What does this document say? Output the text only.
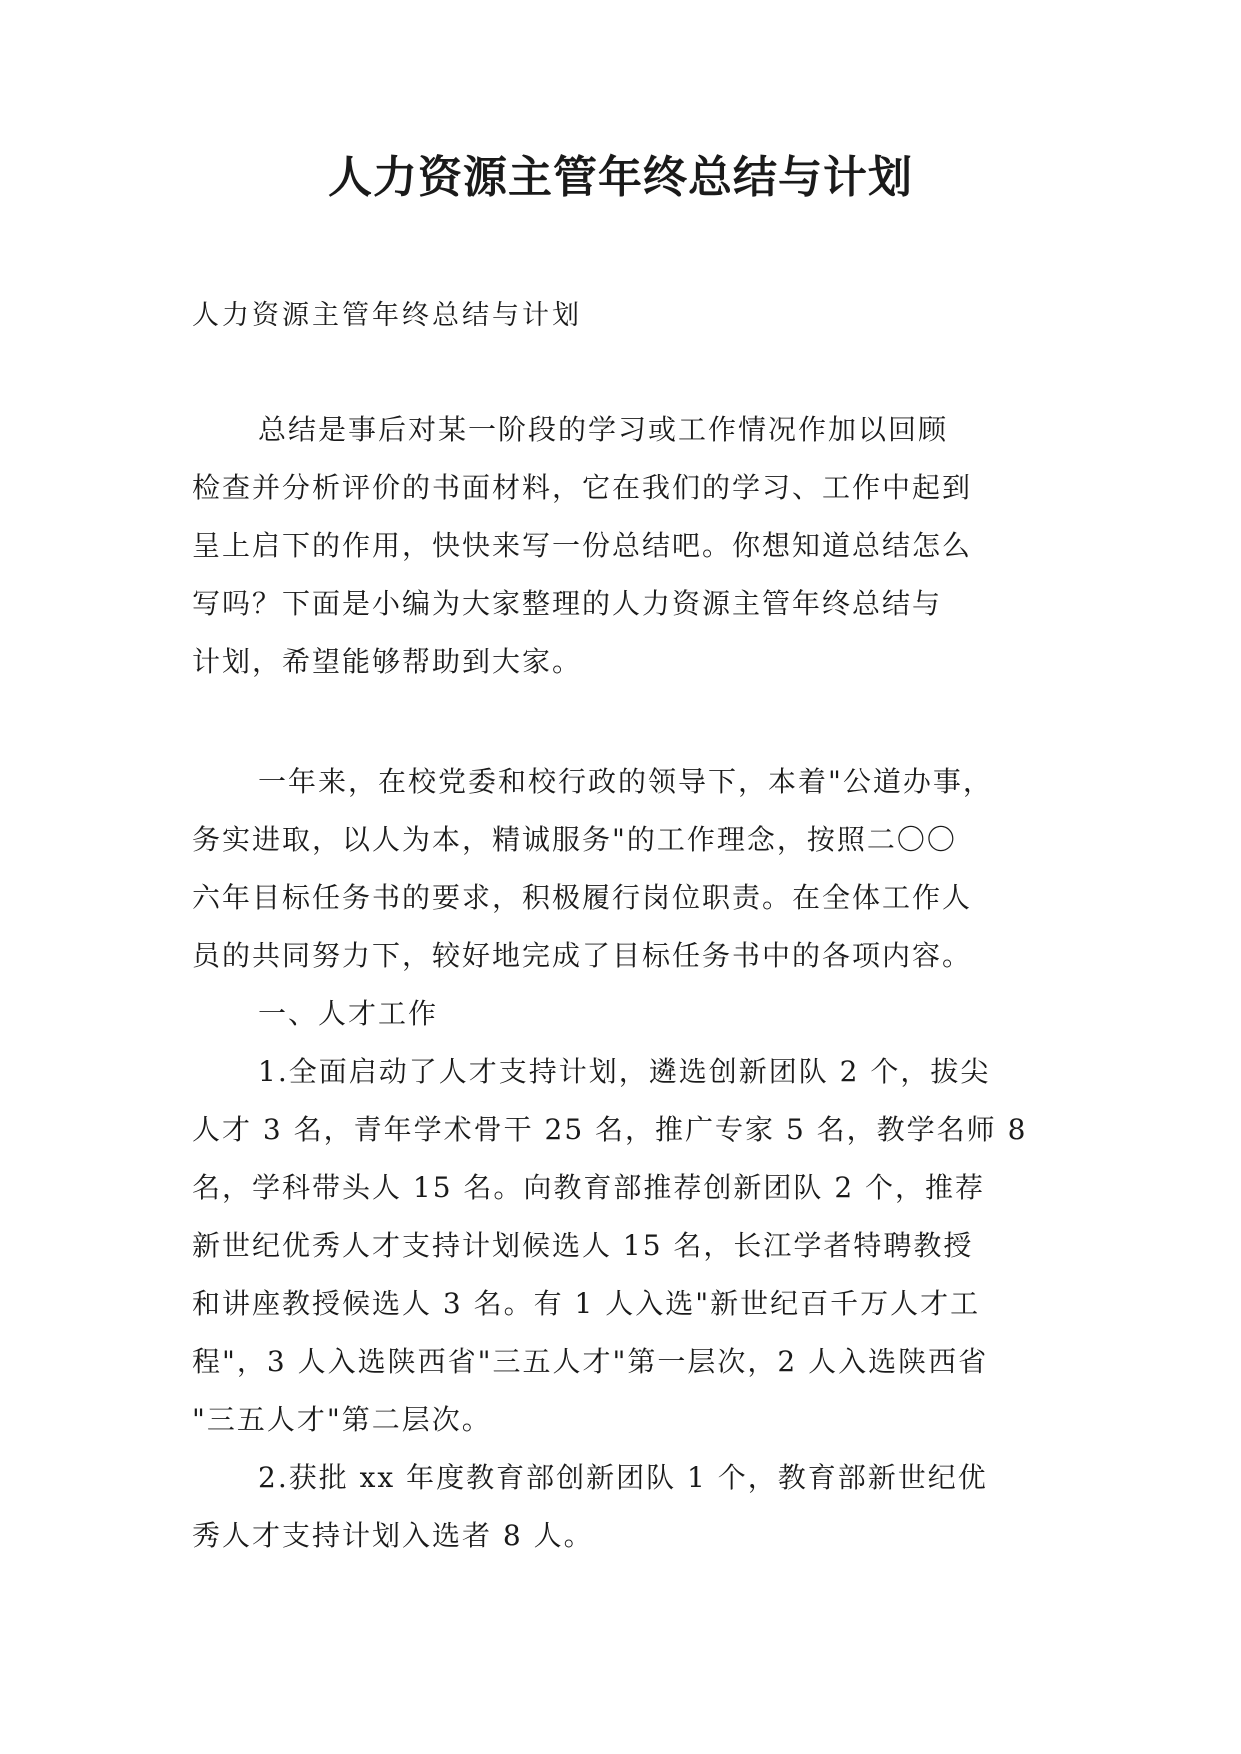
人力资源主管年终总结与计划
人力资源主管年终总结与计划
总结是事后对某一阶段的学习或工作情况作加以回顾
检查并分析评价的书面材料，它在我们的学习、工作中起到
呈上启下的作用，快快来写一份总结吧。你想知道总结怎么
写吗？下面是小编为大家整理的人力资源主管年终总结与
计划，希望能够帮助到大家。
一年来，在校党委和校行政的领导下，本着"公道办事，
务实进取，以人为本，精诚服务"的工作理念，按照二〇〇
六年目标任务书的要求，积极履行岗位职责。在全体工作人
员的共同努力下，较好地完成了目标任务书中的各项内容。
一、人才工作
1.全面启动了人才支持计划，遴选创新团队 2 个，拔尖
人才 3 名，青年学术骨干 25 名，推广专家 5 名，教学名师 8
名，学科带头人 15 名。向教育部推荐创新团队 2 个，推荐
新世纪优秀人才支持计划候选人 15 名，长江学者特聘教授
和讲座教授候选人 3 名。有 1 人入选"新世纪百千万人才工
程"，3 人入选陕西省"三五人才"第一层次，2 人入选陕西省
"三五人才"第二层次。
2.获批 xx 年度教育部创新团队 1 个，教育部新世纪优
秀人才支持计划入选者 8 人。
